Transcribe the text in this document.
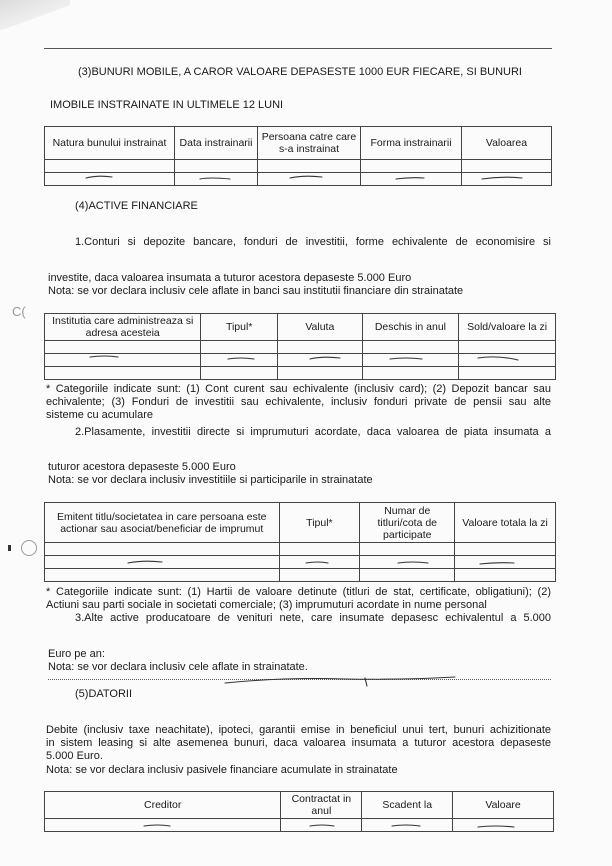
(3)BUNURI MOBILE, A CAROR VALOARE DEPASESTE 1000 EUR FIECARE, SI BUNURI
IMOBILE INSTRAINATE IN ULTIMELE 12 LUNI
Natura bunului instrainat	Data instrainarii	Persoana catre care s-a instrainat	Forma instrainarii	Valoarea

(4)ACTIVE FINANCIARE
1.Conturi si depozite bancare, fonduri de investitii, forme echivalente de economisire si
investite, daca valoarea insumata a tuturor acestora depaseste 5.000 Euro
Nota: se vor declara inclusiv cele aflate in banci sau institutii financiare din strainatate
Institutia care administreaza si adresa acesteia	Tipul*	Valuta	Deschis in anul	Sold/valoare la zi

* Categoriile indicate sunt: (1) Cont curent sau echivalente (inclusiv card); (2) Depozit bancar sau
echivalente; (3) Fonduri de investitii sau echivalente, inclusiv fonduri private de pensii sau alte
sisteme cu acumulare
2.Plasamente, investitii directe si imprumuturi acordate, daca valoarea de piata insumata a
tuturor acestora depaseste 5.000 Euro
Nota: se vor declara inclusiv investitiile si participarile in strainatate
Emitent titlu/societatea in care persoana este actionar sau asociat/beneficiar de imprumut	Tipul*	Numar de titluri/cota de participate	Valoare totala la zi

* Categoriile indicate sunt: (1) Hartii de valoare detinute (titluri de stat, certificate, obligatiuni); (2)
Actiuni sau parti sociale in societati comerciale; (3) imprumuturi acordate in nume personal
3.Alte active producatoare de venituri nete, care insumate depasesc echivalentul a 5.000
Euro pe an:
Nota: se vor declara inclusiv cele aflate in strainatate.
(5)DATORII
Debite (inclusiv taxe neachitate), ipoteci, garantii emise in beneficiul unui tert, bunuri achizitionate
in sistem leasing si alte asemenea bunuri, daca valoarea insumata a tuturor acestora depaseste
5.000 Euro.
Nota: se vor declara inclusiv pasivele financiare acumulate in strainatate
Creditor	Contractat in anul	Scadent la	Valoare

C(
